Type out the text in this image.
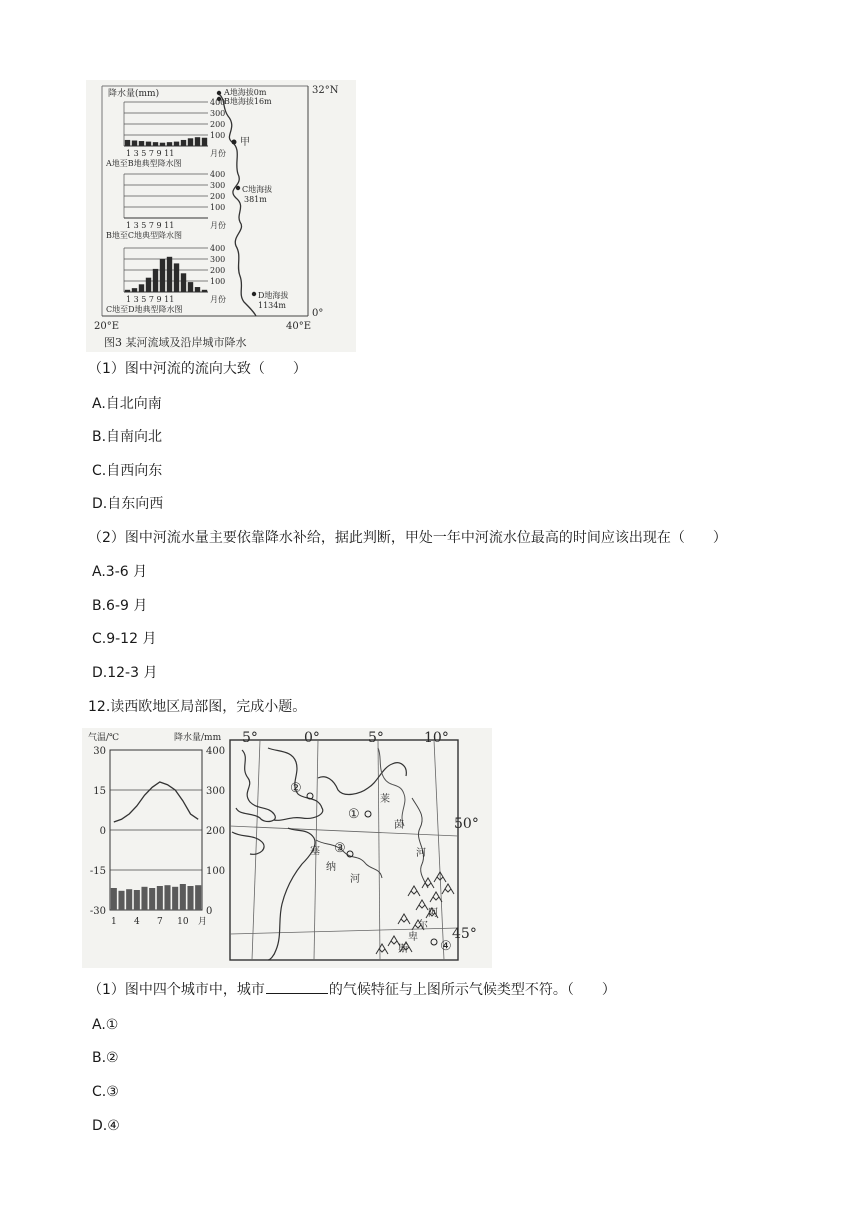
32°N
0°
20°E	40°E
A地海拔0m
B地海拔16m
甲
C地海拔
381m
D地海拔
1134m
降水量(mm)
400
300
200
100
1 3 5 7 9 11	月份
A地至B地典型降水图
400
300
200
100
1 3 5 7 9 11	月份
B地至C地典型降水图
400
300
200
100
1 3 5 7 9 11	月份
C地至D地典型降水图
图3 某河流域及沿岸城市降水
（1）图中河流的流向大致（　　）
A.自北向南
B.自南向北
C.自西向东
D.自东向西
（2）图中河流水量主要依靠降水补给，据此判断，甲处一年中河流水位最高的时间应该出现在（　　）
A.3-6 月
B.6-9 月
C.9-12 月
D.12-3 月
12.读西欧地区局部图，完成小题。
气温/℃	降水量/mm
30	400
15	300
0	200
-15	100
-30	0
1 4 7 10 月
5°	0°	5°	10°
50°
45°
①
②
③
④
莱
茵
河
塞
纳
河
阿
尔
卑
斯
（1）图中四个城市中，城市	的气候特征与上图所示气候类型不符。（　　）
A.①
B.②
C.③
D.④
